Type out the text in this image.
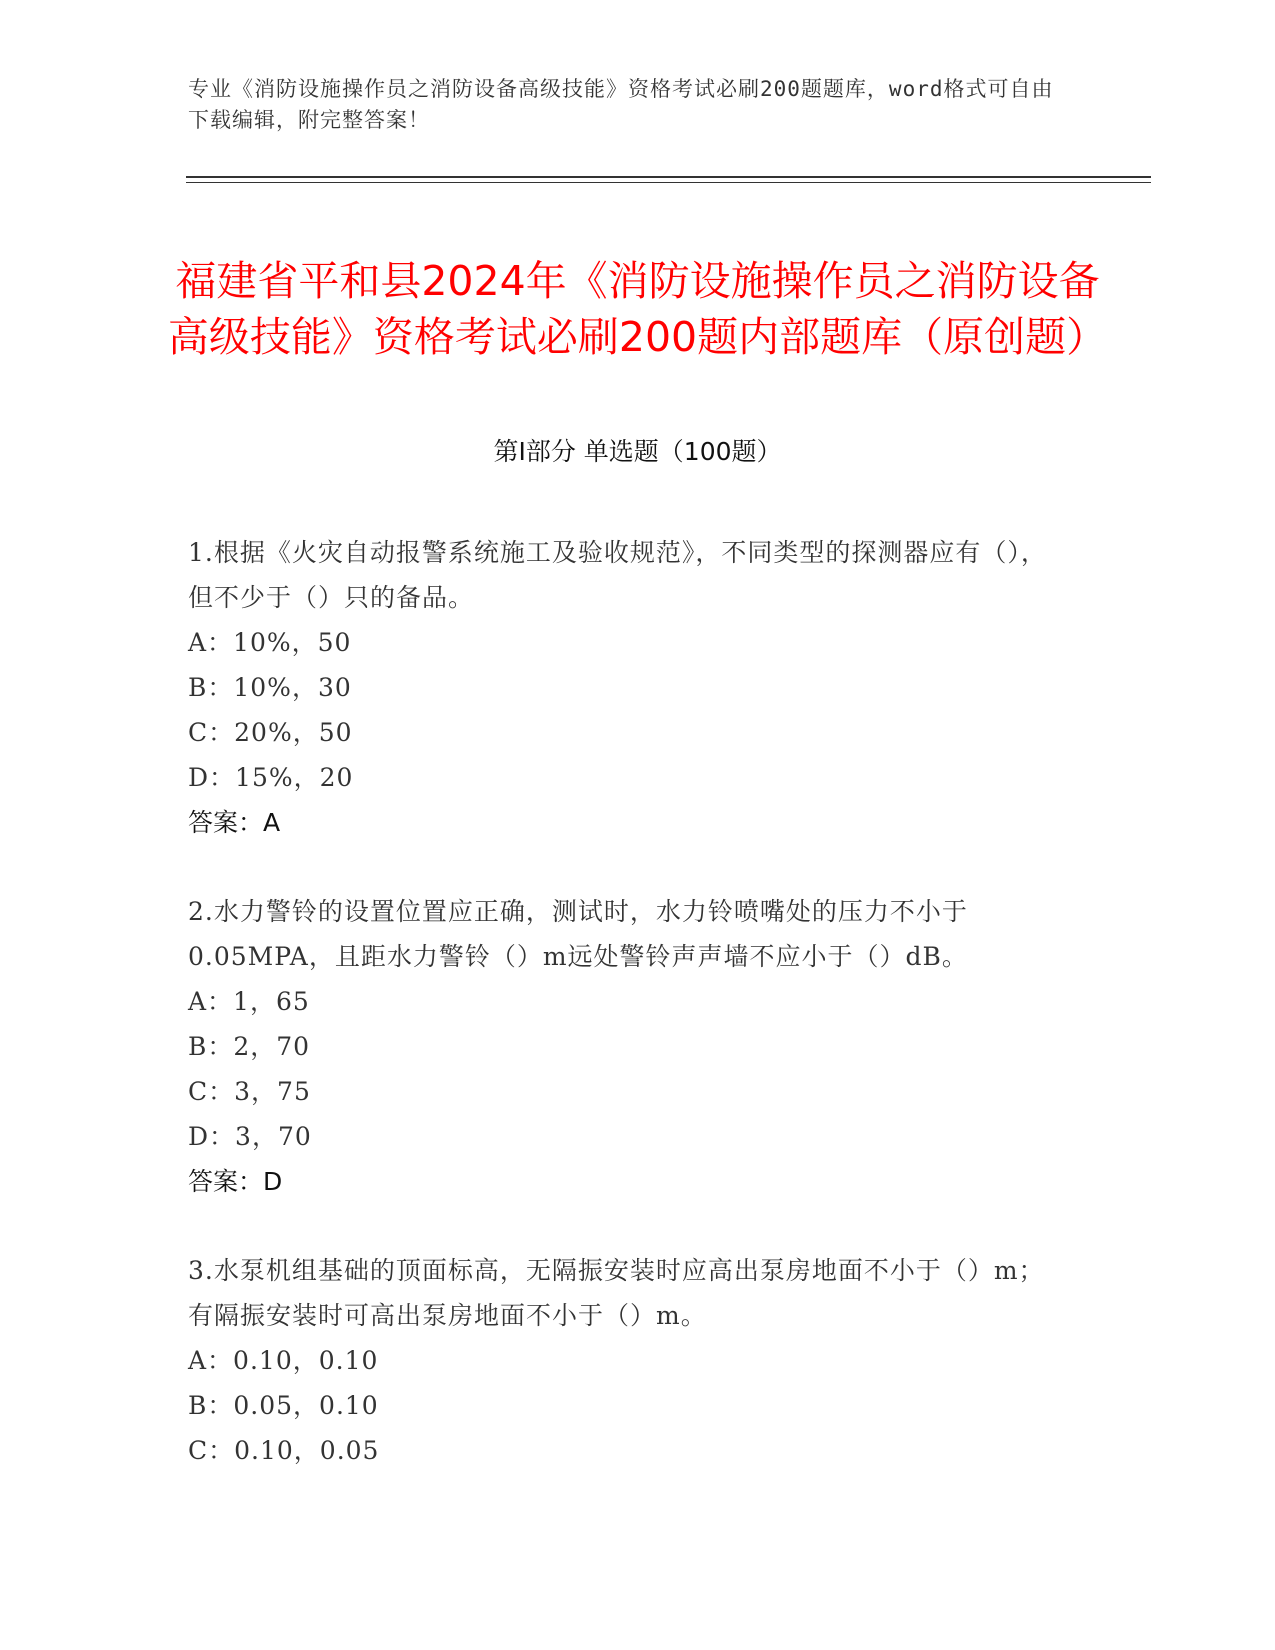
专业《消防设施操作员之消防设备高级技能》资格考试必刷200题题库，word格式可自由下载编辑，附完整答案！
福建省平和县2024年《消防设施操作员之消防设备高级技能》资格考试必刷200题内部题库（原创题）
第I部分 单选题（100题）
1.根据《火灾自动报警系统施工及验收规范》，不同类型的探测器应有（），但不少于（）只的备品。
A：10%，50
B：10%，30
C：20%，50
D：15%，20
答案：A
2.水力警铃的设置位置应正确，测试时，水力铃喷嘴处的压力不小于0.05MPA，且距水力警铃（）m远处警铃声声墙不应小于（）dB。
A：1，65
B：2，70
C：3，75
D：3，70
答案：D
3.水泵机组基础的顶面标高，无隔振安装时应高出泵房地面不小于（）m；有隔振安装时可高出泵房地面不小于（）m。
A：0.10，0.10
B：0.05，0.10
C：0.10，0.05
